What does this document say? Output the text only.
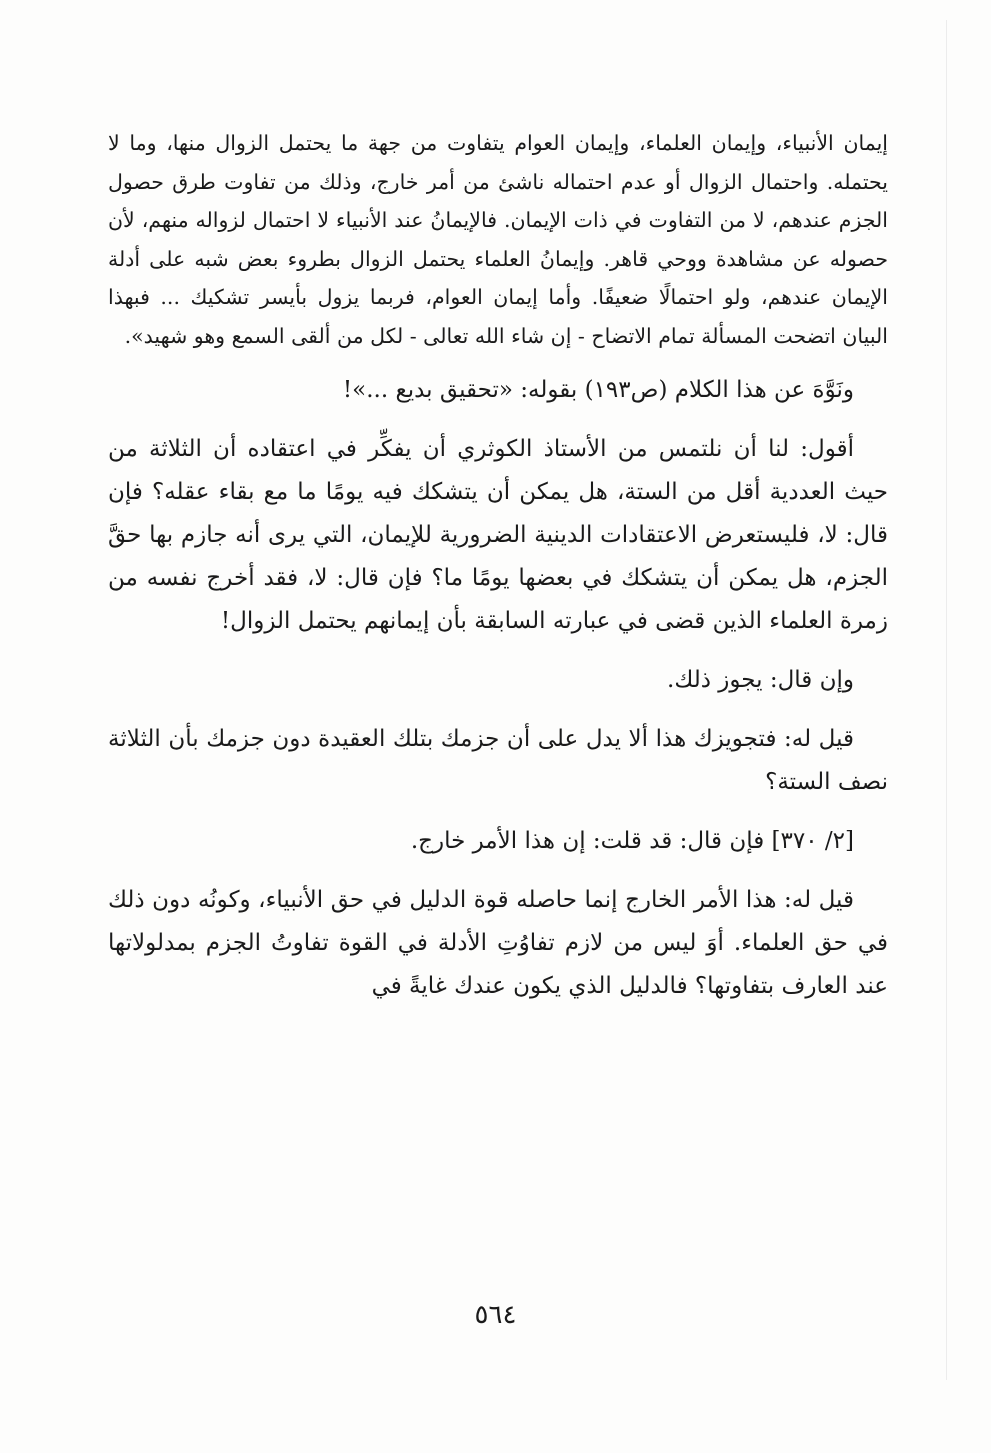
إيمان الأنبياء، وإيمان العلماء، وإيمان العوام يتفاوت من جهة ما يحتمل الزوال منها، وما لا يحتمله. واحتمال الزوال أو عدم احتماله ناشئ من أمر خارج، وذلك من تفاوت طرق حصول الجزم عندهم، لا من التفاوت في ذات الإيمان. فالإيمانُ عند الأنبياء لا احتمال لزواله منهم، لأن حصوله عن مشاهدة ووحي قاهر. وإيمانُ العلماء يحتمل الزوال بطروء بعض شبه على أدلة الإيمان عندهم، ولو احتمالًا ضعيفًا. وأما إيمان العوام، فربما يزول بأيسر تشكيك ... فبهذا البيان اتضحت المسألة تمام الاتضاح - إن شاء الله تعالى - لكل من ألقى السمع وهو شهيد».

ونَوَّهَ عن هذا الكلام (ص١٩٣) بقوله: «تحقيق بديع ...»!

أقول: لنا أن نلتمس من الأستاذ الكوثري أن يفكِّر في اعتقاده أن الثلاثة من حيث العددية أقل من الستة، هل يمكن أن يتشكك فيه يومًا ما مع بقاء عقله؟ فإن قال: لا، فليستعرض الاعتقادات الدينية الضرورية للإيمان، التي يرى أنه جازم بها حقَّ الجزم، هل يمكن أن يتشكك في بعضها يومًا ما؟ فإن قال: لا، فقد أخرج نفسه من زمرة العلماء الذين قضى في عبارته السابقة بأن إيمانهم يحتمل الزوال!

وإن قال: يجوز ذلك.

قيل له: فتجويزك هذا ألا يدل على أن جزمك بتلك العقيدة دون جزمك بأن الثلاثة نصف الستة؟

[٢/ ٣٧٠] فإن قال: قد قلت: إن هذا الأمر خارج.

قيل له: هذا الأمر الخارج إنما حاصله قوة الدليل في حق الأنبياء، وكونُه دون ذلك في حق العلماء. أوَ ليس من لازم تفاوُتِ الأدلة في القوة تفاوتُ الجزم بمدلولاتها عند العارف بتفاوتها؟ فالدليل الذي يكون عندك غايةً في

٥٦٤
